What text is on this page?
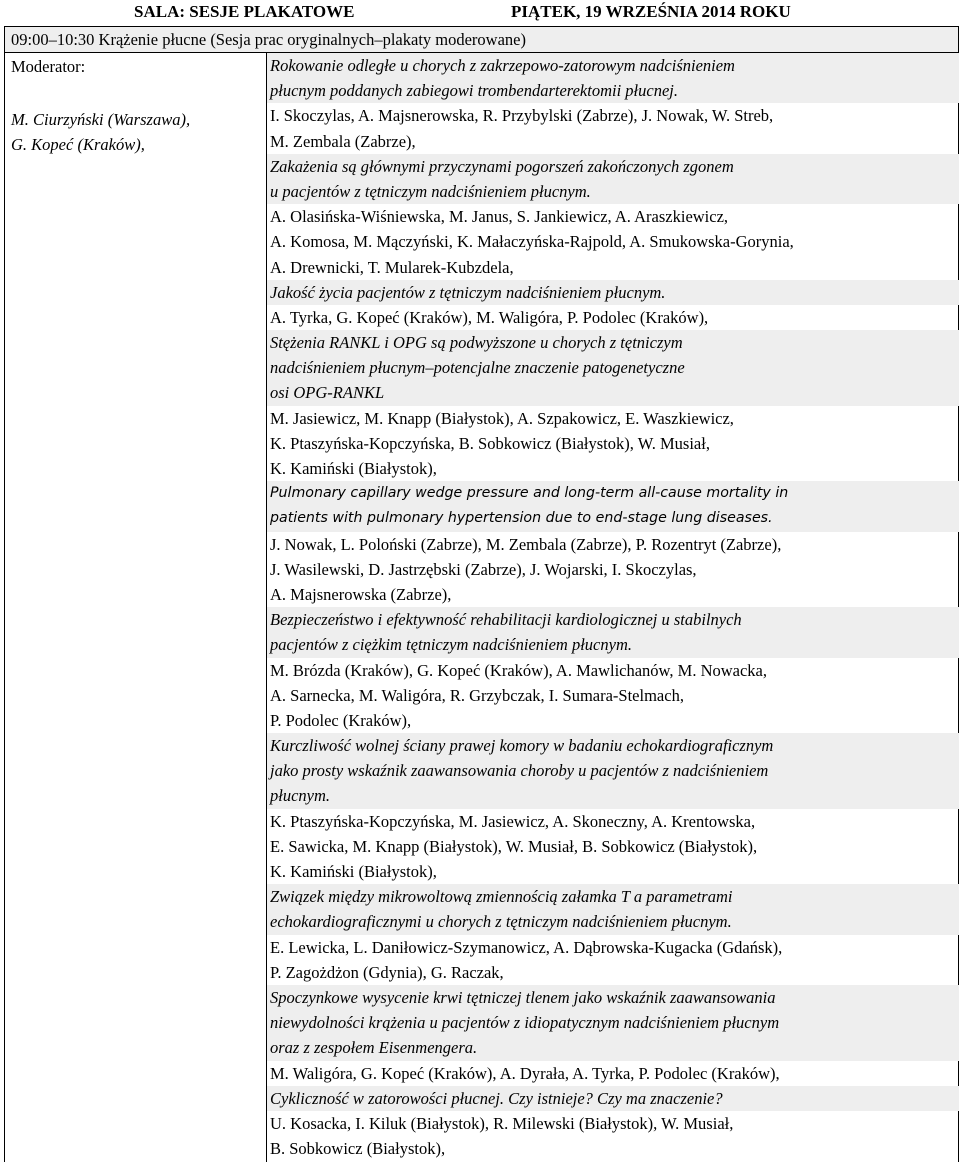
SALA: SESJE PLAKATOWE	PIĄTEK, 19 WRZEŚNIA 2014 ROKU
09:00–10:30 Krążenie płucne (Sesja prac oryginalnych–plakaty moderowane)
Moderator:
M. Ciurzyński (Warszawa),
G. Kopeć (Kraków),
Rokowanie odległe u chorych z zakrzepowo-zatorowym nadciśnieniem
płucnym poddanych zabiegowi trombendarterektomii płucnej.
I. Skoczylas, A. Majsnerowska, R. Przybylski (Zabrze), J. Nowak, W. Streb,
M. Zembala (Zabrze),
Zakażenia są głównymi przyczynami pogorszeń zakończonych zgonem
u pacjentów z tętniczym nadciśnieniem płucnym.
A. Olasińska-Wiśniewska, M. Janus, S. Jankiewicz, A. Araszkiewicz,
A. Komosa, M. Mączyński, K. Małaczyńska-Rajpold, A. Smukowska-Gorynia,
A. Drewnicki, T. Mularek-Kubzdela,
Jakość życia pacjentów z tętniczym nadciśnieniem płucnym.
A. Tyrka, G. Kopeć (Kraków), M. Waligóra, P. Podolec (Kraków),
Stężenia RANKL i OPG są podwyższone u chorych z tętniczym
nadciśnieniem płucnym–potencjalne znaczenie patogenetyczne
osi OPG-RANKL
M. Jasiewicz, M. Knapp (Białystok), A. Szpakowicz, E. Waszkiewicz,
K. Ptaszyńska-Kopczyńska, B. Sobkowicz (Białystok), W. Musiał,
K. Kamiński (Białystok),
Pulmonary capillary wedge pressure and long-term all-cause mortality in
patients with pulmonary hypertension due to end-stage lung diseases.
J. Nowak, L. Poloński (Zabrze), M. Zembala (Zabrze), P. Rozentryt (Zabrze),
J. Wasilewski, D. Jastrzębski (Zabrze), J. Wojarski, I. Skoczylas,
A. Majsnerowska (Zabrze),
Bezpieczeństwo i efektywność rehabilitacji kardiologicznej u stabilnych
pacjentów z ciężkim tętniczym nadciśnieniem płucnym.
M. Brózda (Kraków), G. Kopeć (Kraków), A. Mawlichanów, M. Nowacka,
A. Sarnecka, M. Waligóra, R. Grzybczak, I. Sumara-Stelmach,
P. Podolec (Kraków),
Kurczliwość wolnej ściany prawej komory w badaniu echokardiograficznym
jako prosty wskaźnik zaawansowania choroby u pacjentów z nadciśnieniem
płucnym.
K. Ptaszyńska-Kopczyńska, M. Jasiewicz, A. Skoneczny, A. Krentowska,
E. Sawicka, M. Knapp (Białystok), W. Musiał, B. Sobkowicz (Białystok),
K. Kamiński (Białystok),
Związek między mikrowoltową zmiennością załamka T a parametrami
echokardiograficznymi u chorych z tętniczym nadciśnieniem płucnym.
E. Lewicka, L. Daniłowicz-Szymanowicz, A. Dąbrowska-Kugacka (Gdańsk),
P. Zagożdżon (Gdynia), G. Raczak,
Spoczynkowe wysycenie krwi tętniczej tlenem jako wskaźnik zaawansowania
niewydolności krążenia u pacjentów z idiopatycznym nadciśnieniem płucnym
oraz z zespołem Eisenmengera.
M. Waligóra, G. Kopeć (Kraków), A. Dyrała, A. Tyrka, P. Podolec (Kraków),
Cykliczność w zatorowości płucnej. Czy istnieje? Czy ma znaczenie?
U. Kosacka, I. Kiluk (Białystok), R. Milewski (Białystok), W. Musiał,
B. Sobkowicz (Białystok),
